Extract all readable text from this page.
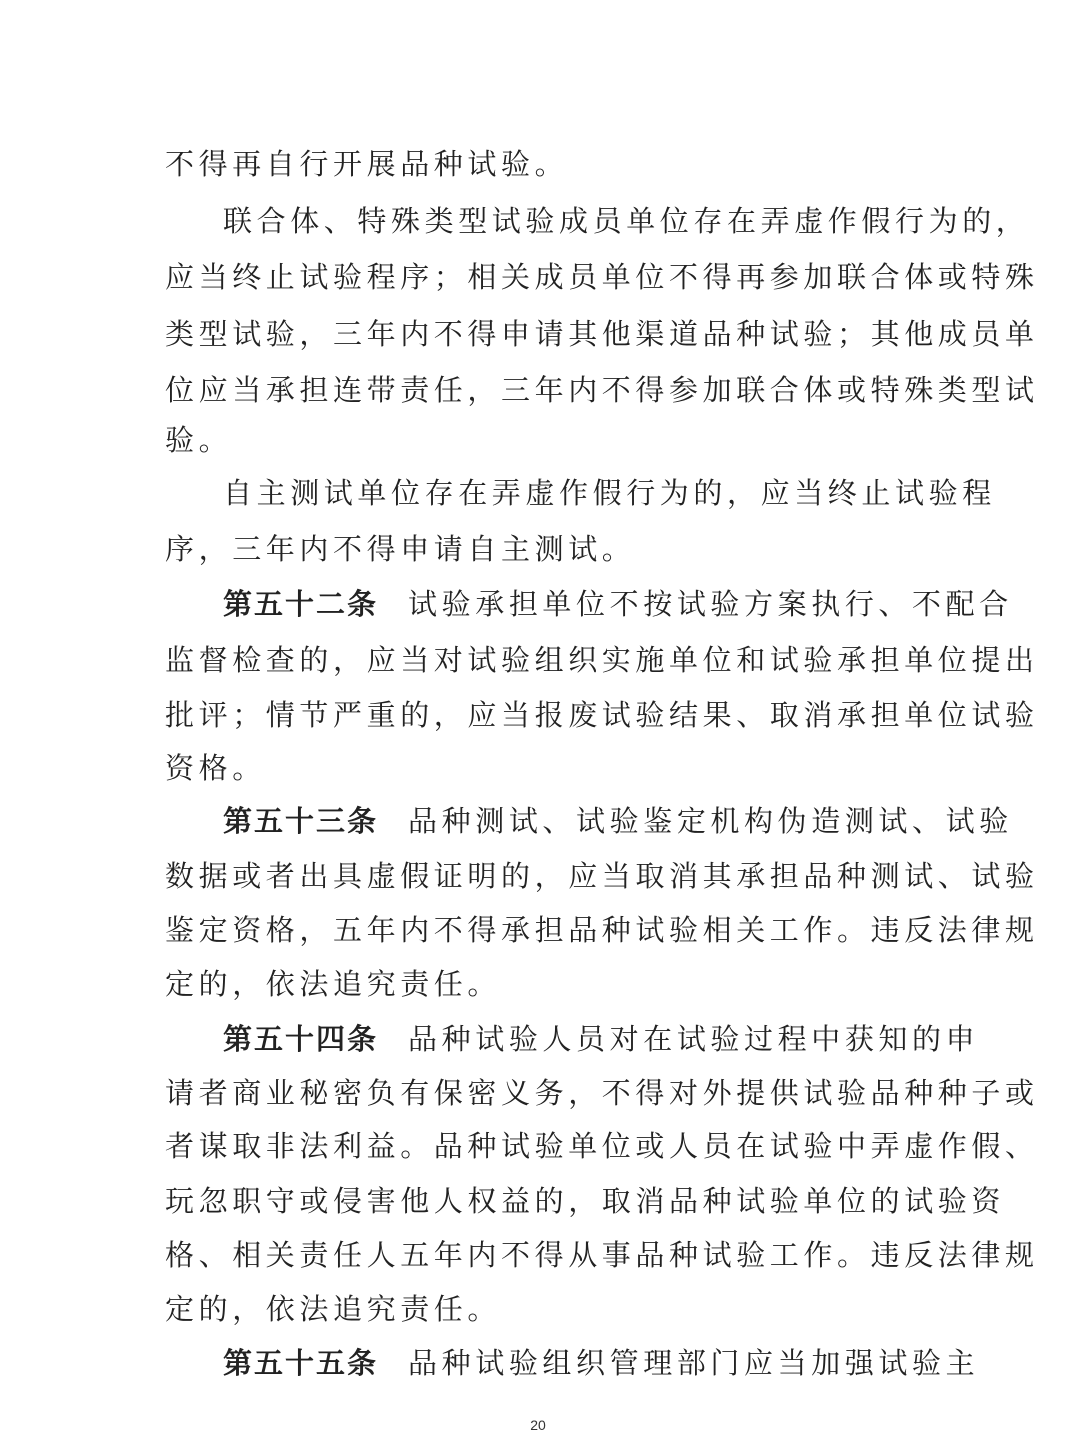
不得再自行开展品种试验。
联合体、特殊类型试验成员单位存在弄虚作假行为的，
应当终止试验程序；相关成员单位不得再参加联合体或特殊
类型试验，三年内不得申请其他渠道品种试验；其他成员单
位应当承担连带责任，三年内不得参加联合体或特殊类型试
验。
自主测试单位存在弄虚作假行为的，应当终止试验程
序，三年内不得申请自主测试。
第五十二条 试验承担单位不按试验方案执行、不配合
监督检查的，应当对试验组织实施单位和试验承担单位提出
批评；情节严重的，应当报废试验结果、取消承担单位试验
资格。
第五十三条 品种测试、试验鉴定机构伪造测试、试验
数据或者出具虚假证明的，应当取消其承担品种测试、试验
鉴定资格，五年内不得承担品种试验相关工作。违反法律规
定的，依法追究责任。
第五十四条 品种试验人员对在试验过程中获知的申
请者商业秘密负有保密义务，不得对外提供试验品种种子或
者谋取非法利益。品种试验单位或人员在试验中弄虚作假、
玩忽职守或侵害他人权益的，取消品种试验单位的试验资
格、相关责任人五年内不得从事品种试验工作。违反法律规
定的，依法追究责任。
第五十五条 品种试验组织管理部门应当加强试验主
20
